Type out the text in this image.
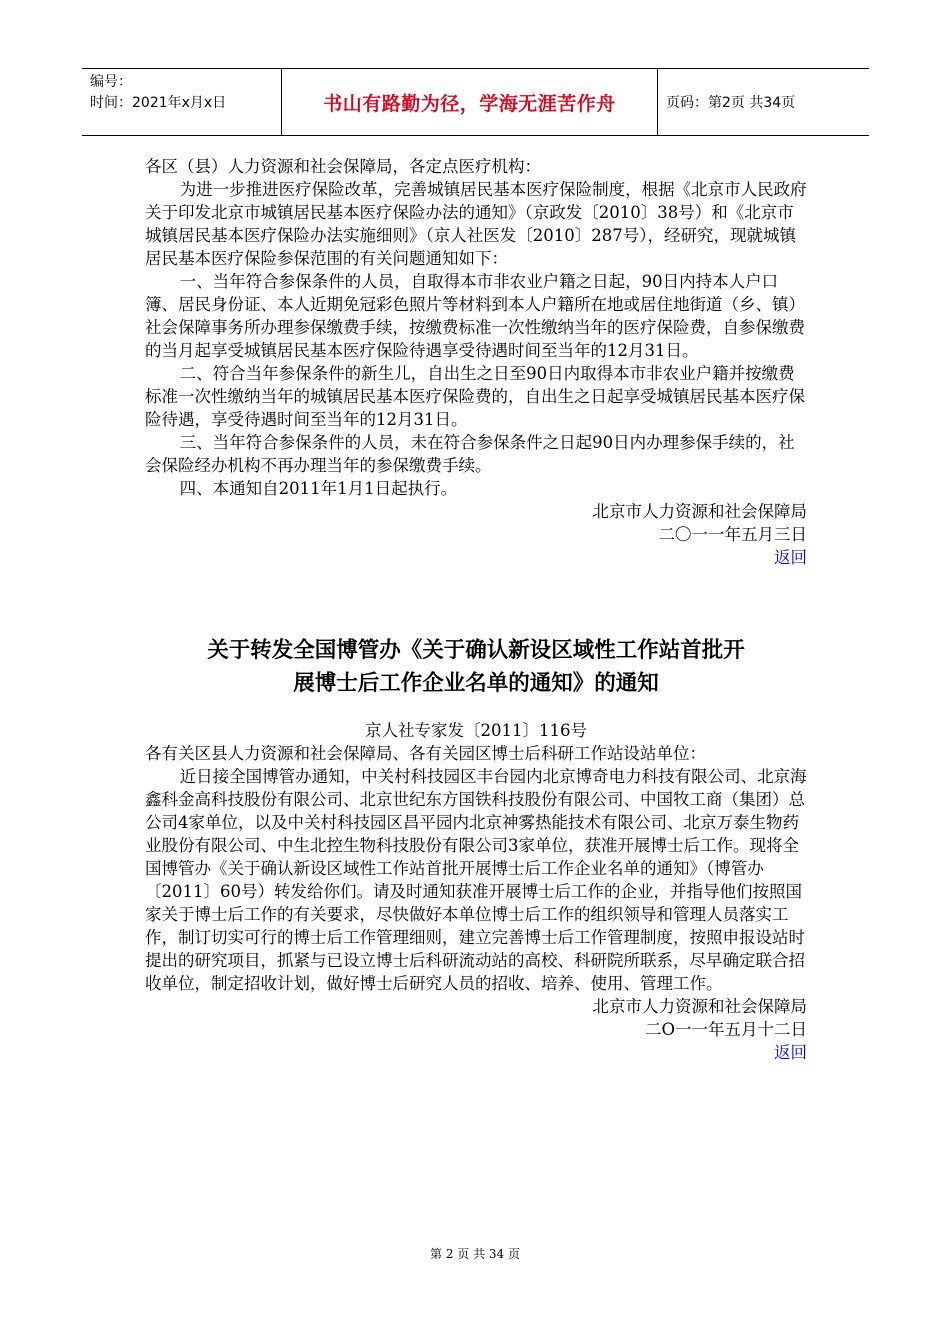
编号：
时间：2021年x月x日	书山有路勤为径，学海无涯苦作舟	页码：第2页 共34页

各区（县）人力资源和社会保障局，各定点医疗机构：

为进一步推进医疗保险改革，完善城镇居民基本医疗保险制度，根据《北京市人民政府关于印发北京市城镇居民基本医疗保险办法的通知》（京政发〔2010〕38号）和《北京市城镇居民基本医疗保险办法实施细则》（京人社医发〔2010〕287号），经研究，现就城镇居民基本医疗保险参保范围的有关问题通知如下：

一、当年符合参保条件的人员，自取得本市非农业户籍之日起，90日内持本人户口簿、居民身份证、本人近期免冠彩色照片等材料到本人户籍所在地或居住地街道（乡、镇）社会保障事务所办理参保缴费手续，按缴费标准一次性缴纳当年的医疗保险费，自参保缴费的当月起享受城镇居民基本医疗保险待遇享受待遇时间至当年的12月31日。

二、符合当年参保条件的新生儿，自出生之日至90日内取得本市非农业户籍并按缴费标准一次性缴纳当年的城镇居民基本医疗保险费的，自出生之日起享受城镇居民基本医疗保险待遇，享受待遇时间至当年的12月31日。

三、当年符合参保条件的人员，未在符合参保条件之日起90日内办理参保手续的，社会保险经办机构不再办理当年的参保缴费手续。

四、本通知自2011年1月1日起执行。

北京市人力资源和社会保障局

二〇一一年五月三日

返回

关于转发全国博管办《关于确认新设区域性工作站首批开

展博士后工作企业名单的通知》的通知

京人社专家发〔2011〕116号

各有关区县人力资源和社会保障局、各有关园区博士后科研工作站设站单位：

近日接全国博管办通知，中关村科技园区丰台园内北京博奇电力科技有限公司、北京海鑫科金高科技股份有限公司、北京世纪东方国铁科技股份有限公司、中国牧工商（集团）总公司4家单位，以及中关村科技园区昌平园内北京神雾热能技术有限公司、北京万泰生物药业股份有限公司、中生北控生物科技股份有限公司3家单位，获准开展博士后工作。现将全国博管办《关于确认新设区域性工作站首批开展博士后工作企业名单的通知》（博管办〔2011〕60号）转发给你们。请及时通知获准开展博士后工作的企业，并指导他们按照国家关于博士后工作的有关要求，尽快做好本单位博士后工作的组织领导和管理人员落实工作，制订切实可行的博士后工作管理细则，建立完善博士后工作管理制度，按照申报设站时提出的研究项目，抓紧与已设立博士后科研流动站的高校、科研院所联系，尽早确定联合招收单位，制定招收计划，做好博士后研究人员的招收、培养、使用、管理工作。

北京市人力资源和社会保障局

二O一一年五月十二日

返回

第 2 页 共 34 页
